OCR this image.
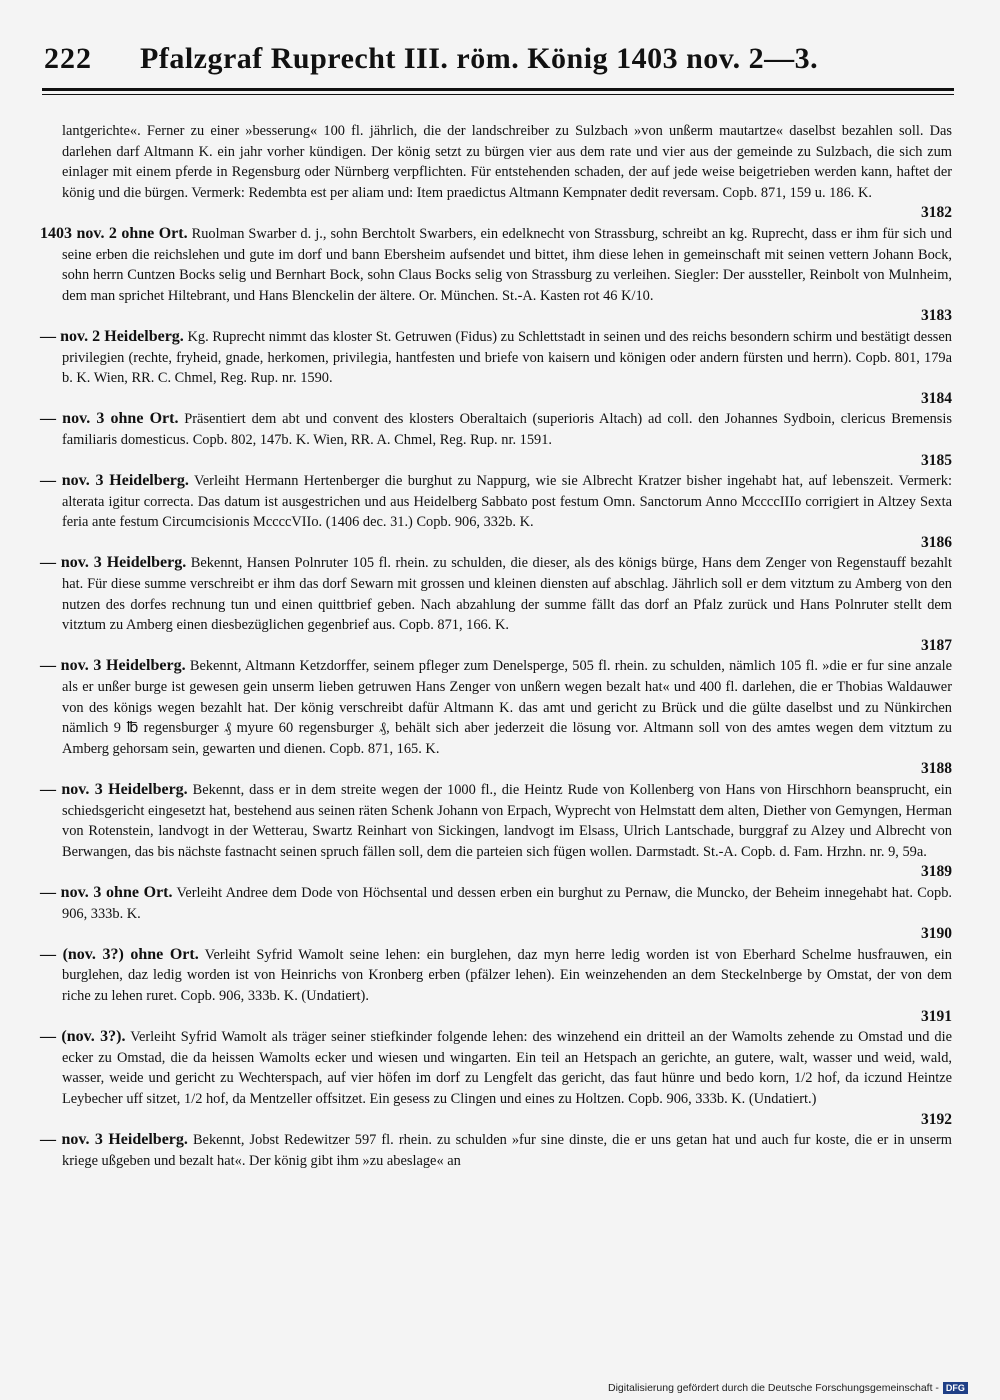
222 Pfalzgraf Ruprecht III. röm. König 1403 nov. 2—3.

lantgerichte«. Ferner zu einer »besserung« 100 fl. jährlich, die der landschreiber zu Sulzbach »von unßerm mautartze« daselbst bezahlen soll. Das darlehen darf Altmann K. ein jahr vorher kündigen. Der könig setzt zu bürgen vier aus dem rate und vier aus der gemeinde zu Sulzbach, die sich zum einlager mit einem pferde in Regensburg oder Nürnberg verpflichten. Für entstehenden schaden, der auf jede weise beigetrieben werden kann, haftet der könig und die bürgen. Vermerk: Redembta est per aliam und: Item praedictus Altmann Kempnater dedit reversam. Copb. 871, 159 u. 186. K.
3182

1403 nov. 2 ohne Ort. Ruolman Swarber d. j., sohn Berchtolt Swarbers, ein edelknecht von Strassburg, schreibt an kg. Ruprecht, dass er ihm für sich und seine erben die reichslehen und gute im dorf und bann Ebersheim aufsendet und bittet, ihm diese lehen in gemeinschaft mit seinen vettern Johann Bock, sohn herrn Cuntzen Bocks selig und Bernhart Bock, sohn Claus Bocks selig von Strassburg zu verleihen. Siegler: Der aussteller, Reinbolt von Mulnheim, dem man sprichet Hiltebrant, und Hans Blenckelin der ältere. Or. München. St.-A. Kasten rot 46 K/10.
3183

— nov. 2 Heidelberg. Kg. Ruprecht nimmt das kloster St. Getruwen (Fidus) zu Schlettstadt in seinen und des reichs besondern schirm und bestätigt dessen privilegien (rechte, fryheid, gnade, herkomen, privilegia, hantfesten und briefe von kaisern und königen oder andern fürsten und herrn). Copb. 801, 179a b. K. Wien, RR. C. Chmel, Reg. Rup. nr. 1590.
3184

— nov. 3 ohne Ort. Präsentiert dem abt und convent des klosters Oberaltaich (superioris Altach) ad coll. den Johannes Sydboin, clericus Bremensis familiaris domesticus. Copb. 802, 147b. K. Wien, RR. A. Chmel, Reg. Rup. nr. 1591.
3185

— nov. 3 Heidelberg. Verleiht Hermann Hertenberger die burghut zu Nappurg, wie sie Albrecht Kratzer bisher ingehabt hat, auf lebenszeit. Vermerk: alterata igitur correcta. Das datum ist ausgestrichen und aus Heidelberg Sabbato post festum Omn. Sanctorum Anno MccccIIIo corrigiert in Altzey Sexta feria ante festum Circumcisionis MccccVIIo. (1406 dec. 31.) Copb. 906, 332b. K.
3186

— nov. 3 Heidelberg. Bekennt, Hansen Polnruter 105 fl. rhein. zu schulden, die dieser, als des königs bürge, Hans dem Zenger von Regenstauff bezahlt hat. Für diese summe verschreibt er ihm das dorf Sewarn mit grossen und kleinen diensten auf abschlag. Jährlich soll er dem vitztum zu Amberg von den nutzen des dorfes rechnung tun und einen quittbrief geben. Nach abzahlung der summe fällt das dorf an Pfalz zurück und Hans Polnruter stellt dem vitztum zu Amberg einen diesbezüglichen gegenbrief aus. Copb. 871, 166. K.
3187

— nov. 3 Heidelberg. Bekennt, Altmann Ketzdorffer, seinem pfleger zum Denelsperge, 505 fl. rhein. zu schulden, nämlich 105 fl. »die er fur sine anzale als er unßer burge ist gewesen gein unserm lieben getruwen Hans Zenger von unßern wegen bezalt hat« und 400 fl. darlehen, die er Thobias Waldauwer von des königs wegen bezahlt hat. Der könig verschreibt dafür Altmann K. das amt und gericht zu Brück und die gülte daselbst und zu Nünkirchen nämlich 9 ℔ regensburger ₰ myure 60 regensburger ₰, behält sich aber jederzeit die lösung vor. Altmann soll von des amtes wegen dem vitztum zu Amberg gehorsam sein, gewarten und dienen. Copb. 871, 165. K.
3188

— nov. 3 Heidelberg. Bekennt, dass er in dem streite wegen der 1000 fl., die Heintz Rude von Kollenberg von Hans von Hirschhorn beansprucht, ein schiedsgericht eingesetzt hat, bestehend aus seinen räten Schenk Johann von Erpach, Wyprecht von Helmstatt dem alten, Diether von Gemyngen, Herman von Rotenstein, landvogt in der Wetterau, Swartz Reinhart von Sickingen, landvogt im Elsass, Ulrich Lantschade, burggraf zu Alzey und Albrecht von Berwangen, das bis nächste fastnacht seinen spruch fällen soll, dem die parteien sich fügen wollen. Darmstadt. St.-A. Copb. d. Fam. Hrzhn. nr. 9, 59a.
3189

— nov. 3 ohne Ort. Verleiht Andree dem Dode von Höchsental und dessen erben ein burghut zu Pernaw, die Muncko, der Beheim innegehabt hat. Copb. 906, 333b. K.
3190

— (nov. 3?) ohne Ort. Verleiht Syfrid Wamolt seine lehen: ein burglehen, daz myn herre ledig worden ist von Eberhard Schelme husfrauwen, ein burglehen, daz ledig worden ist von Heinrichs von Kronberg erben (pfälzer lehen). Ein weinzehenden an dem Steckelnberge by Omstat, der von dem riche zu lehen ruret. Copb. 906, 333b. K. (Undatiert).
3191

— (nov. 3?). Verleiht Syfrid Wamolt als träger seiner stiefkinder folgende lehen: des winzehend ein dritteil an der Wamolts zehende zu Omstad und die ecker zu Omstad, die da heissen Wamolts ecker und wiesen und wingarten. Ein teil an Hetspach an gerichte, an gutere, walt, wasser und weid, wald, wasser, weide und gericht zu Wechterspach, auf vier höfen im dorf zu Lengfelt das gericht, das faut hünre und bedo korn, 1/2 hof, da iczund Heintze Leybecher uff sitzet, 1/2 hof, da Mentzeller offsitzet. Ein gesess zu Clingen und eines zu Holtzen. Copb. 906, 333b. K. (Undatiert.)
3192

— nov. 3 Heidelberg. Bekennt, Jobst Redewitzer 597 fl. rhein. zu schulden »fur sine dinste, die er uns getan hat und auch fur koste, die er in unserm kriege ußgeben und bezalt hat«. Der könig gibt ihm »zu abeslage« an

Digitalisierung gefördert durch die Deutsche Forschungsgemeinschaft - DFG
